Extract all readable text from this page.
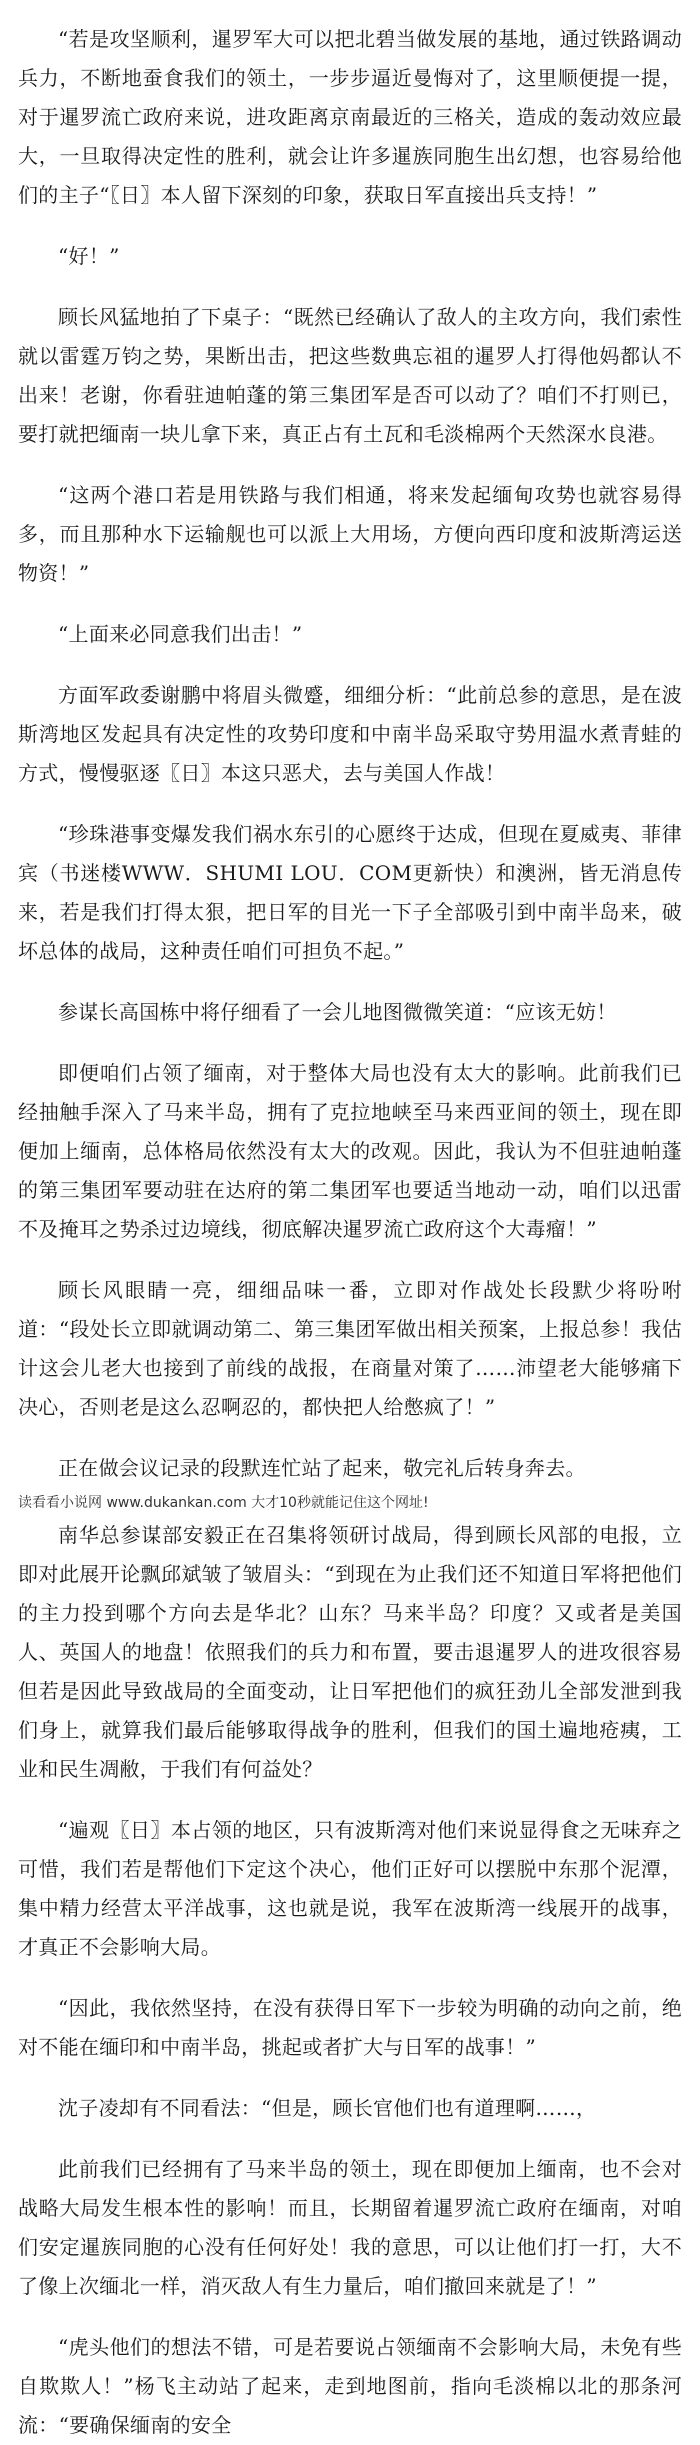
“若是攻坚顺利，暹罗军大可以把北碧当做发展的基地，通过铁路调动兵力，不断地蚕食我们的领土，一步步逼近曼悔对了，这里顺便提一提，对于暹罗流亡政府来说，进攻距离京南最近的三格关，造成的轰动效应最大，一旦取得决定性的胜利，就会让许多暹族同胞生出幻想，也容易给他们的主子“〖日〗本人留下深刻的印象，获取日军直接出兵支持！”

“好！”

顾长风猛地拍了下桌子：“既然已经确认了敌人的主攻方向，我们索性就以雷霆万钧之势，果断出击，把这些数典忘祖的暹罗人打得他妈都认不出来！老谢，你看驻迪帕蓬的第三集团军是否可以动了？咱们不打则已，要打就把缅南一块儿拿下来，真正占有土瓦和毛淡棉两个天然深水良港。

“这两个港口若是用铁路与我们相通，将来发起缅甸攻势也就容易得多，而且那种水下运输舰也可以派上大用场，方便向西印度和波斯湾运送物资！”

“上面来必同意我们出击！”

方面军政委谢鹏中将眉头微蹙，细细分析：“此前总参的意思，是在波斯湾地区发起具有决定性的攻势印度和中南半岛采取守势用温水煮青蛙的方式，慢慢驱逐〖日〗本这只恶犬，去与美国人作战！

“珍珠港事变爆发我们祸水东引的心愿终于达成，但现在夏威夷、菲律宾（书迷楼WWW．SHUMI LOU．COM更新快）和澳洲，皆无消息传来，若是我们打得太狠，把日军的目光一下子全部吸引到中南半岛来，破坏总体的战局，这种责任咱们可担负不起。”

参谋长高国栋中将仔细看了一会儿地图微微笑道：“应该无妨！

即便咱们占领了缅南，对于整体大局也没有太大的影响。此前我们已经抽触手深入了马来半岛，拥有了克拉地峡至马来西亚间的领土，现在即便加上缅南，总体格局依然没有太大的改观。因此，我认为不但驻迪帕蓬的第三集团军要动驻在达府的第二集团军也要适当地动一动，咱们以迅雷不及掩耳之势杀过边境线，彻底解决暹罗流亡政府这个大毒瘤！”

顾长风眼睛一亮，细细品味一番，立即对作战处长段默少将吩咐道：“段处长立即就调动第二、第三集团军做出相关预案，上报总参！我估计这会儿老大也接到了前线的战报，在商量对策了……沛望老大能够痛下决心，否则老是这么忍啊忍的，都快把人给憋疯了！”

正在做会议记录的段默连忙站了起来，敬完礼后转身奔去。

读看看小说网 www.dukankan.com 大才10秒就能记住这个网址!

南华总参谋部安毅正在召集将领研讨战局，得到顾长风部的电报，立即对此展开论飘邱斌皱了皱眉头：“到现在为止我们还不知道日军将把他们的主力投到哪个方向去是华北？山东？马来半岛？印度？又或者是美国人、英国人的地盘！依照我们的兵力和布置，要击退暹罗人的进攻很容易但若是因此导致战局的全面变动，让日军把他们的疯狂劲儿全部发泄到我们身上，就算我们最后能够取得战争的胜利，但我们的国土遍地疮痍，工业和民生凋敝，于我们有何益处？

“遍观〖日〗本占领的地区，只有波斯湾对他们来说显得食之无味弃之可惜，我们若是帮他们下定这个决心，他们正好可以摆脱中东那个泥潭，集中精力经营太平洋战事，这也就是说，我军在波斯湾一线展开的战事，才真正不会影响大局。

“因此，我依然坚持，在没有获得日军下一步较为明确的动向之前，绝对不能在缅印和中南半岛，挑起或者扩大与日军的战事！”

沈子凌却有不同看法：“但是，顾长官他们也有道理啊……，

此前我们已经拥有了马来半岛的领土，现在即便加上缅南，也不会对战略大局发生根本性的影响！而且，长期留着暹罗流亡政府在缅南，对咱们安定暹族同胞的心没有任何好处！我的意思，可以让他们打一打，大不了像上次缅北一样，消灭敌人有生力量后，咱们撤回来就是了！”

“虎头他们的想法不错，可是若要说占领缅南不会影响大局，未免有些自欺欺人！”杨飞主动站了起来，走到地图前，指向毛淡棉以北的那条河流：“要确保缅南的安全
